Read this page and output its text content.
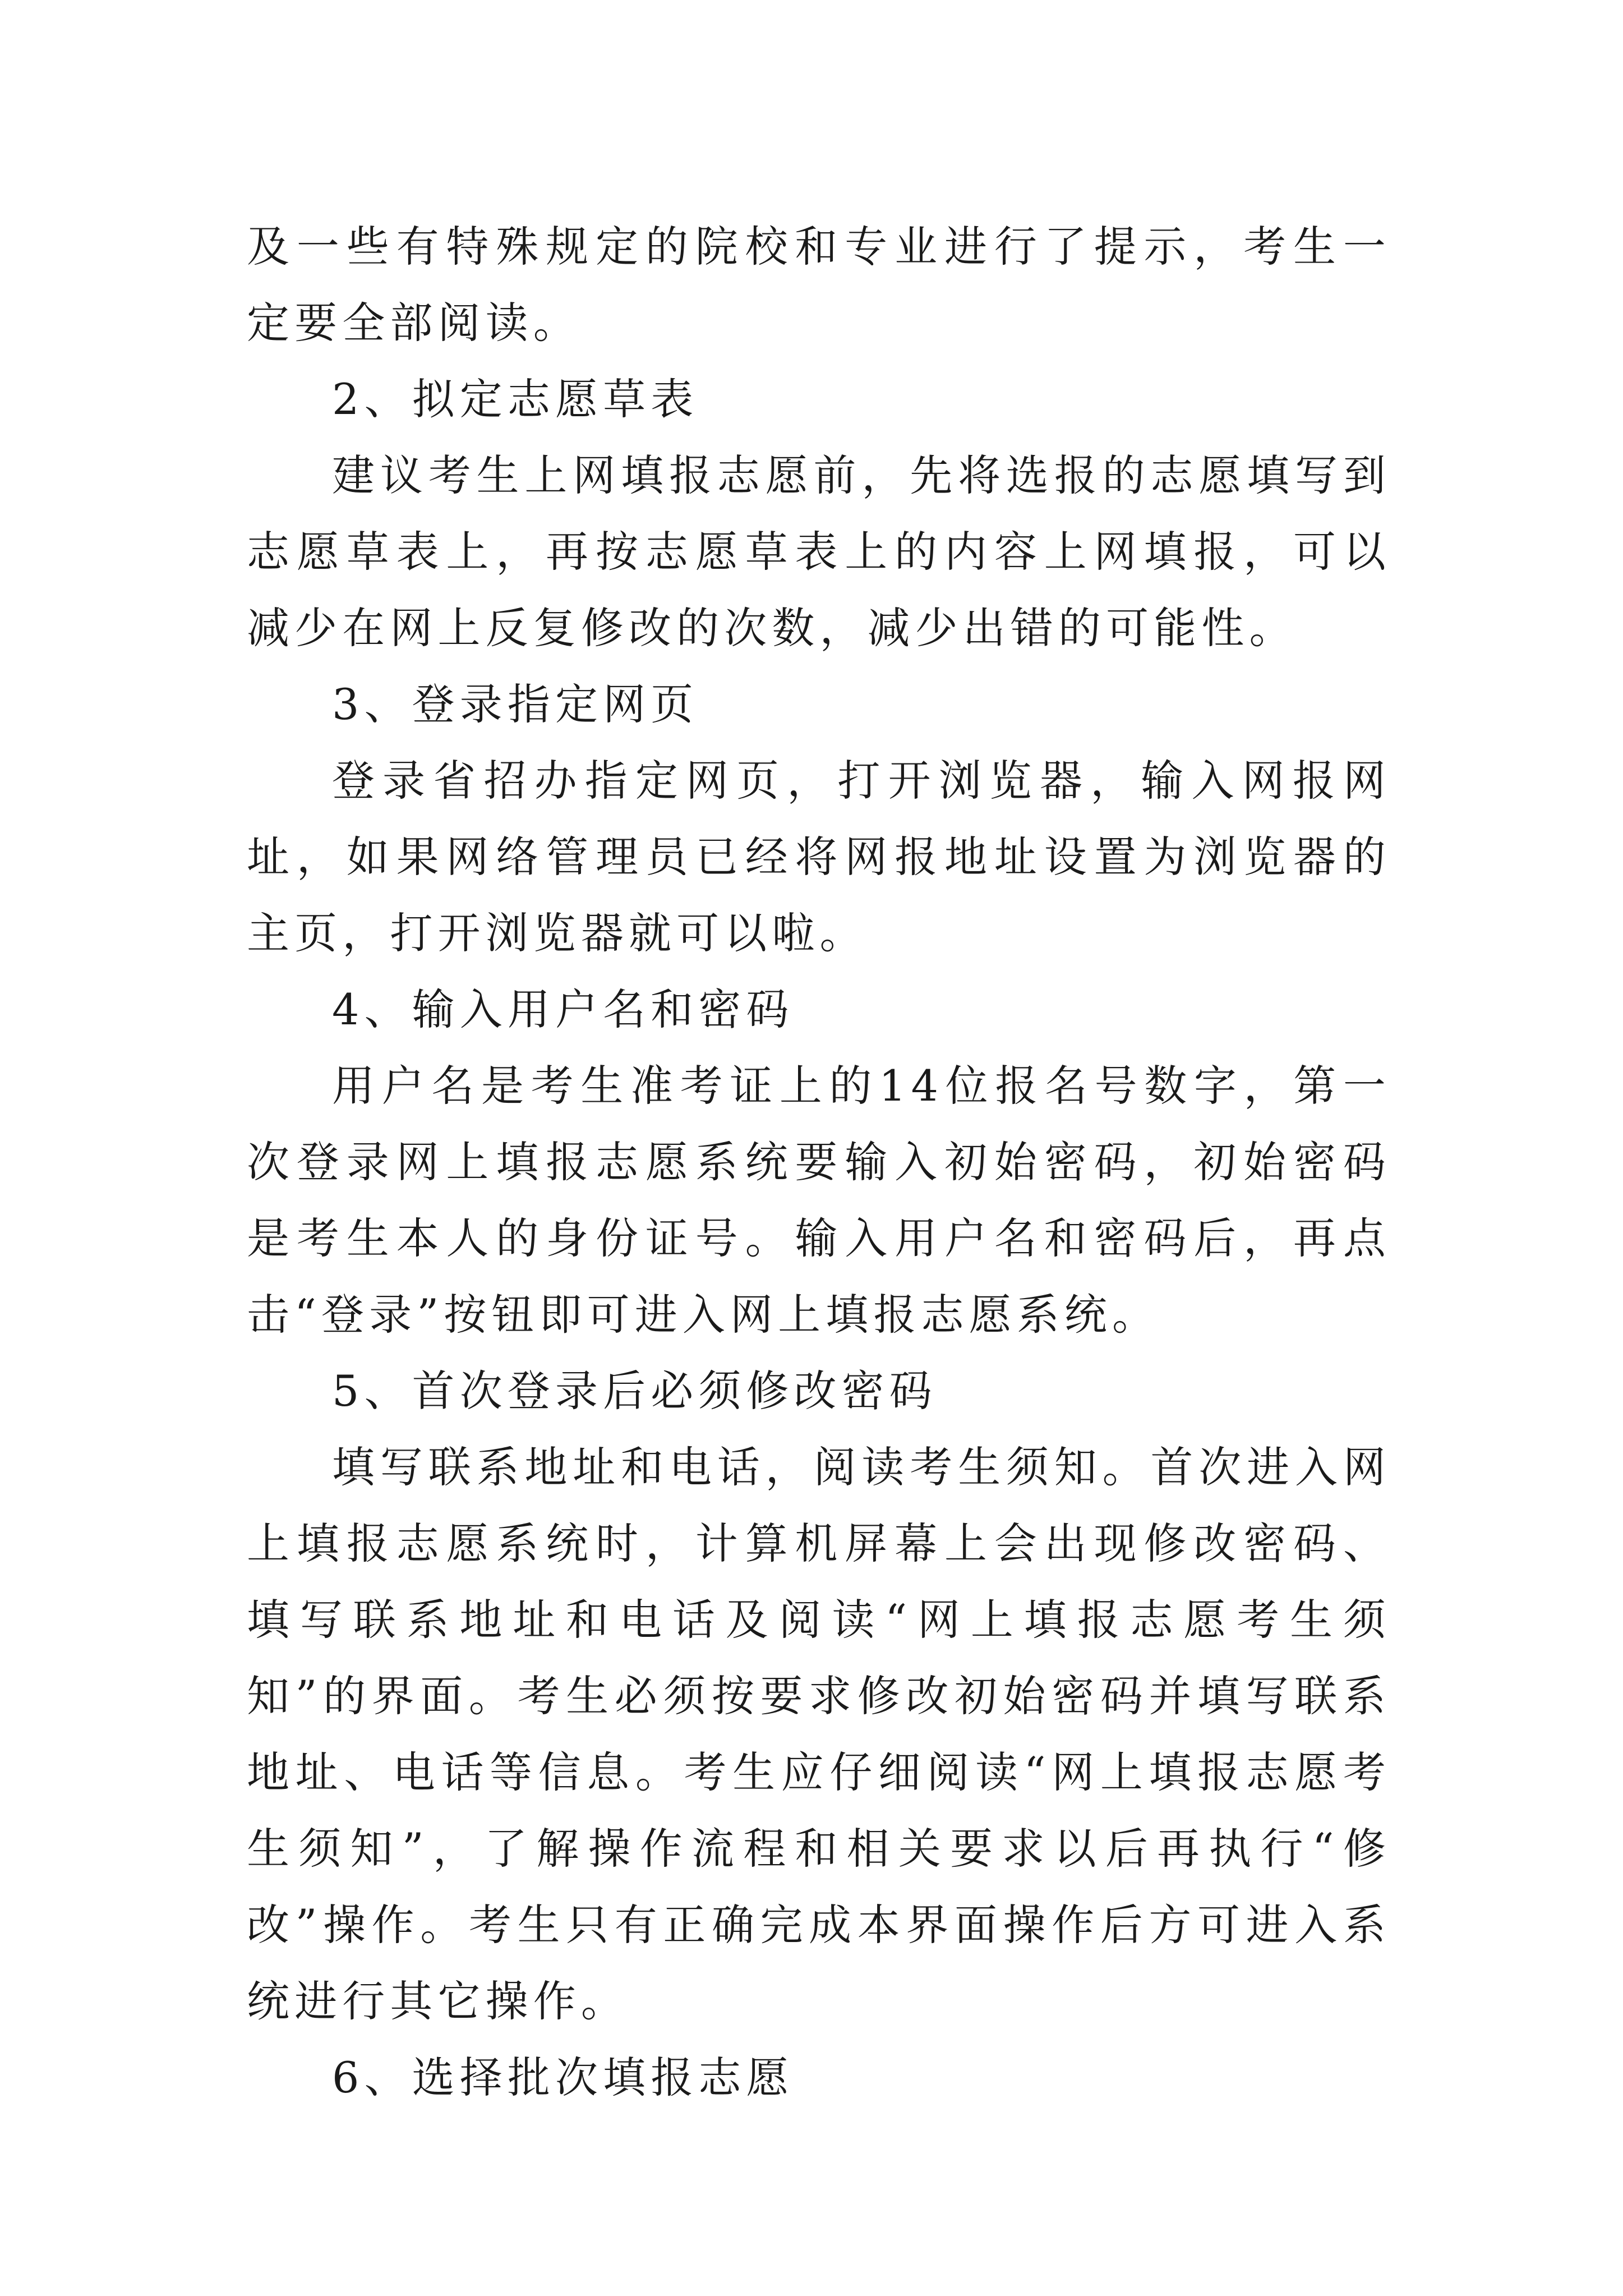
及一些有特殊规定的院校和专业进行了提示，考生一定要全部阅读。

2、拟定志愿草表

建议考生上网填报志愿前，先将选报的志愿填写到志愿草表上，再按志愿草表上的内容上网填报，可以减少在网上反复修改的次数，减少出错的可能性。

3、登录指定网页

登录省招办指定网页，打开浏览器，输入网报网址，如果网络管理员已经将网报地址设置为浏览器的主页，打开浏览器就可以啦。

4、输入用户名和密码

用户名是考生准考证上的14位报名号数字，第一次登录网上填报志愿系统要输入初始密码，初始密码是考生本人的身份证号。输入用户名和密码后，再点击“登录”按钮即可进入网上填报志愿系统。

5、首次登录后必须修改密码

填写联系地址和电话，阅读考生须知。首次进入网上填报志愿系统时，计算机屏幕上会出现修改密码、填写联系地址和电话及阅读“网上填报志愿考生须知”的界面。考生必须按要求修改初始密码并填写联系地址、电话等信息。考生应仔细阅读“网上填报志愿考生须知”，了解操作流程和相关要求以后再执行“修改”操作。考生只有正确完成本界面操作后方可进入系统进行其它操作。

6、选择批次填报志愿
